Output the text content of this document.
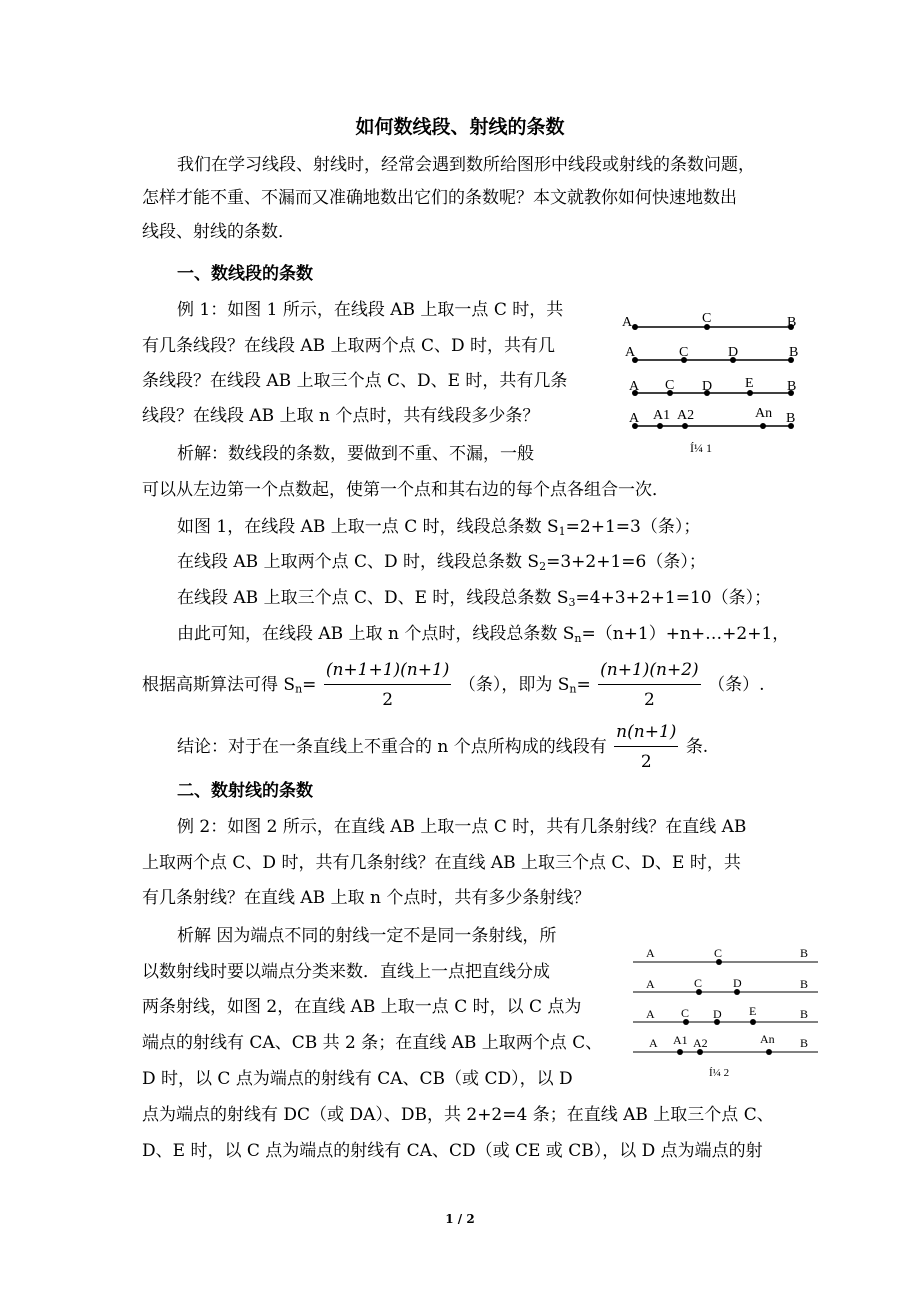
如何数线段、射线的条数
我们在学习线段、射线时，经常会遇到数所给图形中线段或射线的条数问题，
怎样才能不重、不漏而又准确地数出它们的条数呢？本文就教你如何快速地数出
线段、射线的条数．
一、数线段的条数
例 1：如图 1 所示，在线段 AB 上取一点 C 时，共
有几条线段？在线段 AB 上取两个点 C、D 时，共有几
条线段？在线段 AB 上取三个点 C、D、E 时，共有几条
线段？在线段 AB 上取 n 个点时，共有线段多少条？
析解：数线段的条数，要做到不重、不漏，一般
可以从左边第一个点数起，使第一个点和其右边的每个点各组合一次．
如图 1，在线段 AB 上取一点 C 时，线段总条数 $S_1=2+1=3$（条）；
在线段 AB 上取两个点 C、D 时，线段总条数 $S_2=3+2+1=6$（条）；
在线段 AB 上取三个点 C、D、E 时，线段总条数 $S_3=4+3+2+1=10$（条）；
由此可知，在线段 AB 上取 n 个点时，线段总条数 $S_n=(n+1)+n+\dots+2+1$，
根据高斯算法可得 $S_n= \frac{(n+1+1)(n+1)}{2}$ （条），即为 $S_n= \frac{(n+1)(n+2)}{2}$ （条）.
结论：对于在一条直线上不重合的 n 个点所构成的线段有 $\frac{n(n+1)}{2}$ 条.
A	C	B
A	C	D	B
A C D E B
A A1 A2	An B
Í¼ 1
二、数射线的条数
例 2：如图 2 所示，在直线 AB 上取一点 C 时，共有几条射线？在直线 AB
上取两个点 C、D 时，共有几条射线？在直线 AB 上取三个点 C、D、E 时，共
有几条射线？在直线 AB 上取 n 个点时，共有多少条射线？
析解 因为端点不同的射线一定不是同一条射线，所
以数射线时要以端点分类来数．直线上一点把直线分成
两条射线，如图 2，在直线 AB 上取一点 C 时，以 C 点为
端点的射线有 CA、CB 共 2 条；在直线 AB 上取两个点 C、
D 时，以 C 点为端点的射线有 CA、CB（或 CD），以 D
点为端点的射线有 DC（或 DA）、DB，共 2+2=4 条；在直线 AB 上取三个点 C、
D、E 时，以 C 点为端点的射线有 CA、CD（或 CE 或 CB），以 D 点为端点的射
A	C	B
A	C	D	B
A C D E	B
A A1 A2	An B
Í¼ 2
1 / 2
